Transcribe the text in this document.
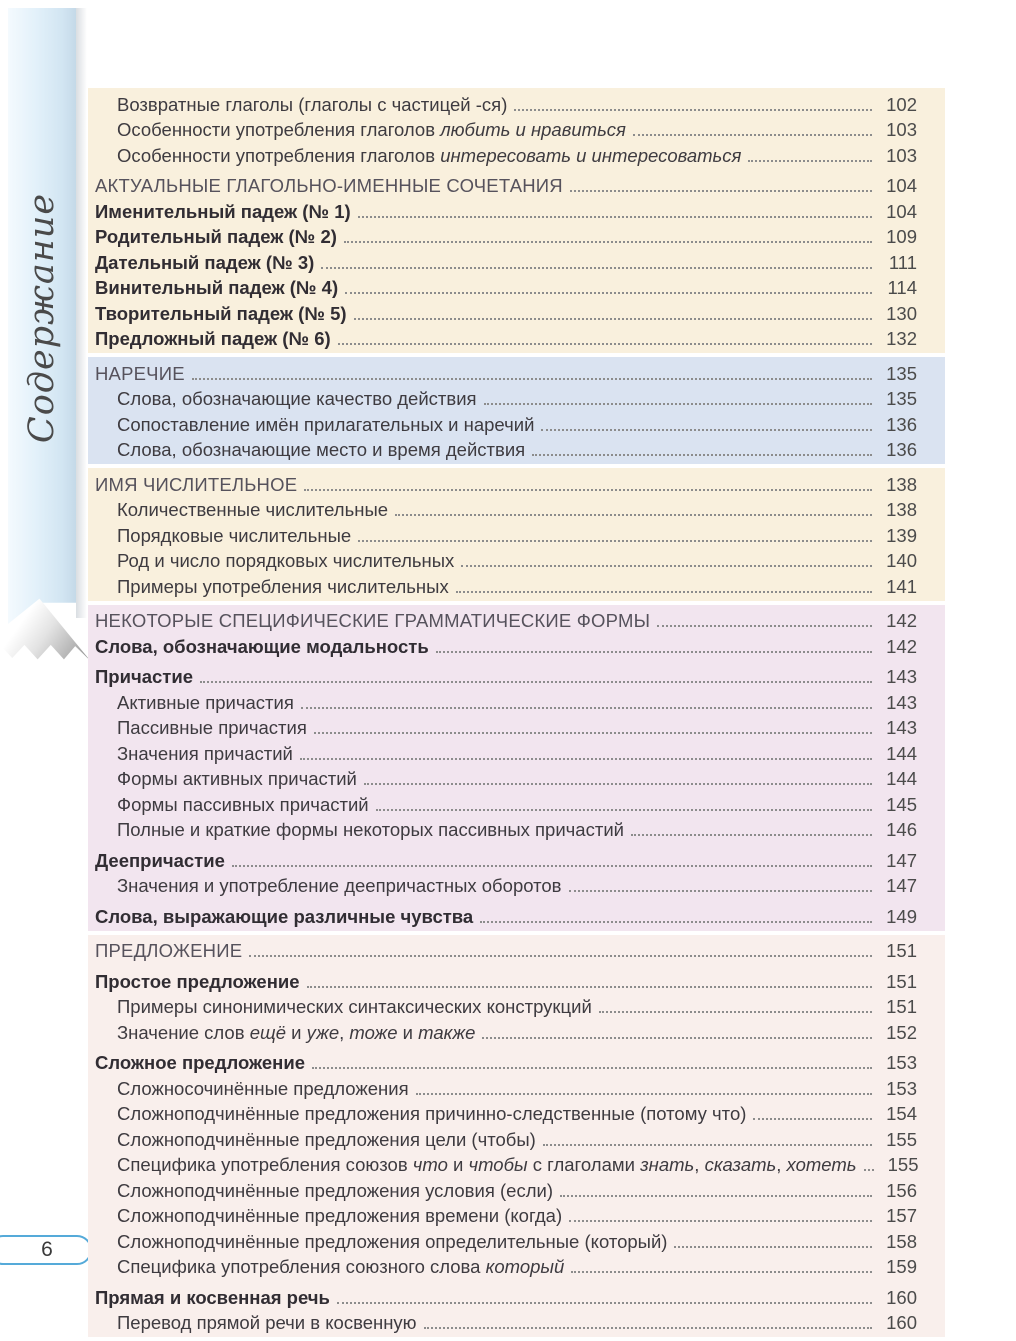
Содержание
6
Возвратные глаголы (глаголы с частицей -ся)	102
Особенности употребления глаголов любить и нравиться	103
Особенности употребления глаголов интересовать и интересоваться	103
АКТУАЛЬНЫЕ ГЛАГОЛЬНО-ИМЕННЫЕ СОЧЕТАНИЯ	104
Именительный падеж (№ 1)	104
Родительный падеж (№ 2)	109
Дательный падеж (№ 3)	111
Винительный падеж (№ 4)	114
Творительный падеж (№ 5)	130
Предложный падеж (№ 6)	132
НАРЕЧИЕ	135
Слова, обозначающие качество действия	135
Сопоставление имён прилагательных и наречий	136
Слова, обозначающие место и время действия	136
ИМЯ ЧИСЛИТЕЛЬНОЕ	138
Количественные числительные	138
Порядковые числительные	139
Род и число порядковых числительных	140
Примеры употребления числительных	141
НЕКОТОРЫЕ СПЕЦИФИЧЕСКИЕ ГРАММАТИЧЕСКИЕ ФОРМЫ	142
Слова, обозначающие модальность	142
Причастие	143
Активные причастия	143
Пассивные причастия	143
Значения причастий	144
Формы активных причастий	144
Формы пассивных причастий	145
Полные и краткие формы некоторых пассивных причастий	146
Деепричастие	147
Значения и употребление деепричастных оборотов	147
Слова, выражающие различные чувства	149
ПРЕДЛОЖЕНИЕ	151
Простое предложение	151
Примеры синонимических синтаксических конструкций	151
Значение слов ещё и уже, тоже и также	152
Сложное предложение	153
Сложносочинённые предложения	153
Сложноподчинённые предложения причинно-следственные (потому что)	154
Сложноподчинённые предложения цели (чтобы)	155
Специфика употребления союзов что и чтобы с глаголами знать, сказать, хотеть	155
Сложноподчинённые предложения условия (если)	156
Сложноподчинённые предложения времени (когда)	157
Сложноподчинённые предложения определительные (который)	158
Специфика употребления союзного слова который	159
Прямая и косвенная речь	160
Перевод прямой речи в косвенную	160
